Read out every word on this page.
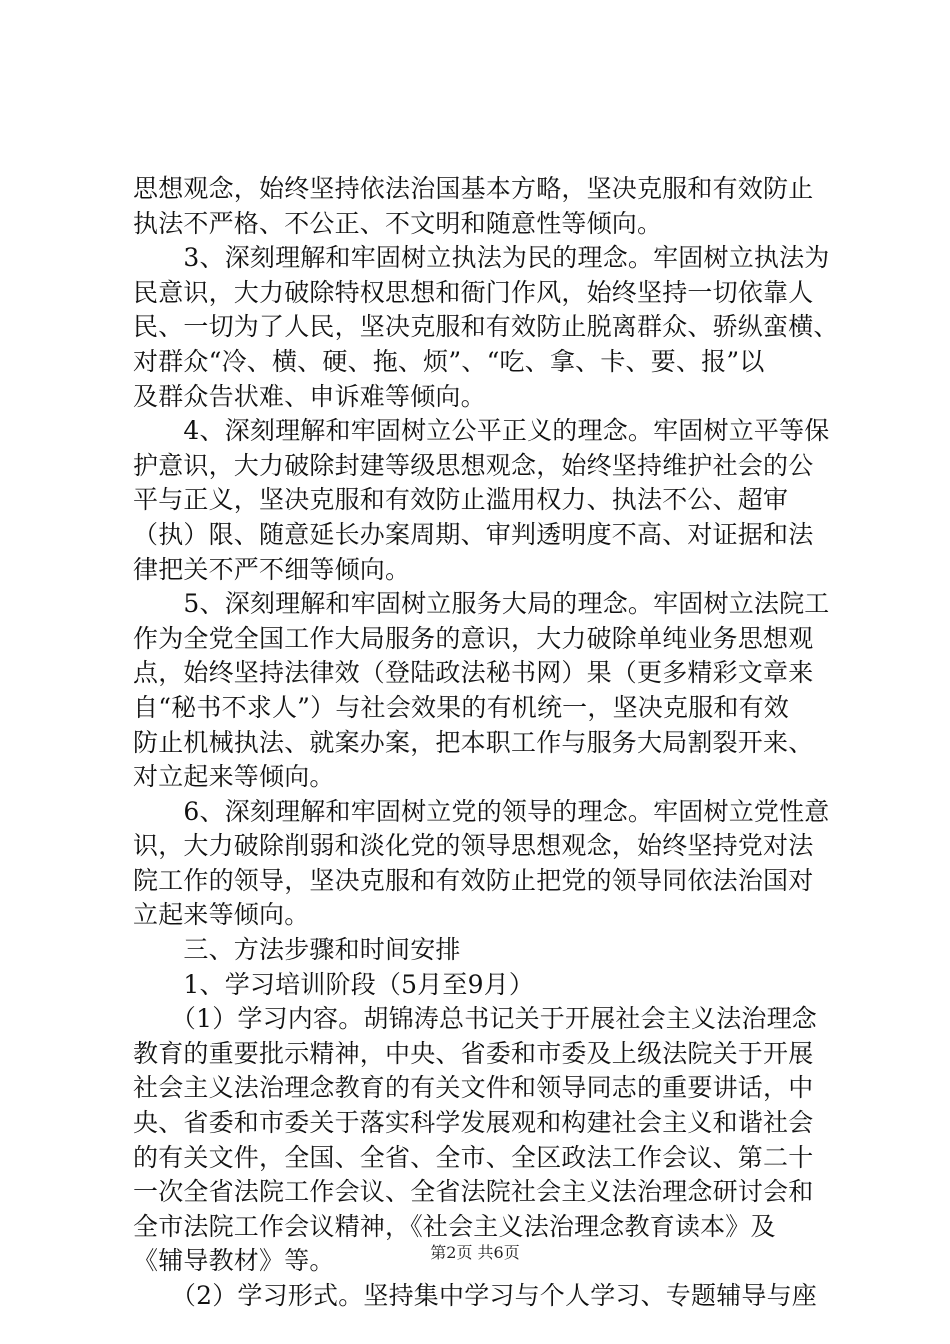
思想观念，始终坚持依法治国基本方略，坚决克服和有效防止
执法不严格、不公正、不文明和随意性等倾向。
　　3、深刻理解和牢固树立执法为民的理念。牢固树立执法为
民意识，大力破除特权思想和衙门作风，始终坚持一切依靠人
民、一切为了人民，坚决克服和有效防止脱离群众、骄纵蛮横、
对群众“冷、横、硬、拖、烦”、“吃、拿、卡、要、报”以
及群众告状难、申诉难等倾向。
　　4、深刻理解和牢固树立公平正义的理念。牢固树立平等保
护意识，大力破除封建等级思想观念，始终坚持维护社会的公
平与正义，坚决克服和有效防止滥用权力、执法不公、超审
（执）限、随意延长办案周期、审判透明度不高、对证据和法
律把关不严不细等倾向。
　　5、深刻理解和牢固树立服务大局的理念。牢固树立法院工
作为全党全国工作大局服务的意识，大力破除单纯业务思想观
点，始终坚持法律效（登陆政法秘书网）果（更多精彩文章来
自“秘书不求人”）与社会效果的有机统一，坚决克服和有效
防止机械执法、就案办案，把本职工作与服务大局割裂开来、
对立起来等倾向。
　　6、深刻理解和牢固树立党的领导的理念。牢固树立党性意
识，大力破除削弱和淡化党的领导思想观念，始终坚持党对法
院工作的领导，坚决克服和有效防止把党的领导同依法治国对
立起来等倾向。
　　三、方法步骤和时间安排
　　1、学习培训阶段（5月至9月）
　　（1）学习内容。胡锦涛总书记关于开展社会主义法治理念
教育的重要批示精神，中央、省委和市委及上级法院关于开展
社会主义法治理念教育的有关文件和领导同志的重要讲话，中
央、省委和市委关于落实科学发展观和构建社会主义和谐社会
的有关文件，全国、全省、全市、全区政法工作会议、第二十
一次全省法院工作会议、全省法院社会主义法治理念研讨会和
全市法院工作会议精神，《社会主义法治理念教育读本》及
《辅导教材》等。
　　（2）学习形式。坚持集中学习与个人学习、专题辅导与座
第2页 共6页
